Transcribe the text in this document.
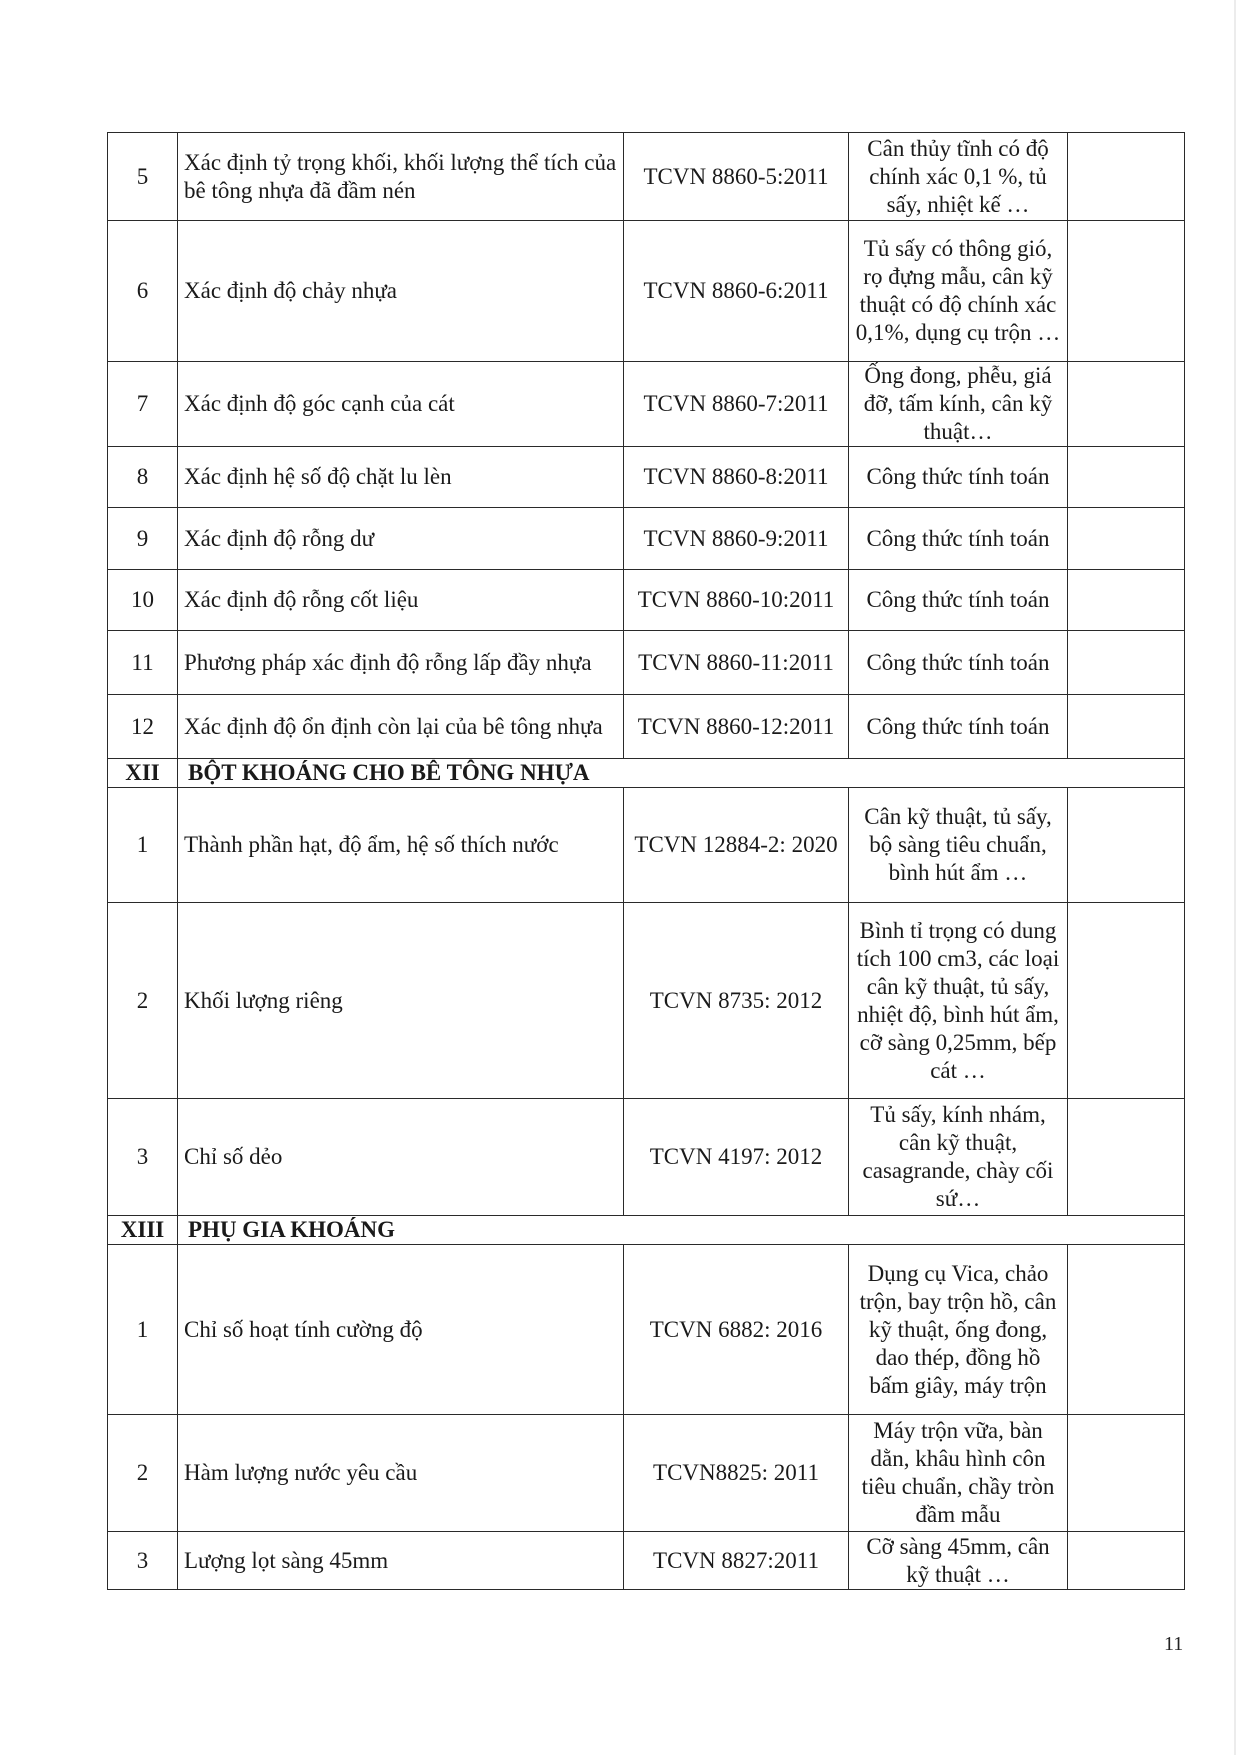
5	Xác định tỷ trọng khối, khối lượng thể tích của bê tông nhựa đã đầm nén	TCVN 8860-5:2011	Cân thủy tĩnh có độ chính xác 0,1 %, tủ sấy, nhiệt kế …	
6	Xác định độ chảy nhựa	TCVN 8860-6:2011	Tủ sấy có thông gió, rọ đựng mẫu, cân kỹ thuật có độ chính xác 0,1%, dụng cụ trộn …	
7	Xác định độ góc cạnh của cát	TCVN 8860-7:2011	Ống đong, phễu, giá đỡ, tấm kính, cân kỹ thuật…	
8	Xác định hệ số độ chặt lu lèn	TCVN 8860-8:2011	Công thức tính toán	
9	Xác định độ rỗng dư	TCVN 8860-9:2011	Công thức tính toán	
10	Xác định độ rỗng cốt liệu	TCVN 8860-10:2011	Công thức tính toán	
11	Phương pháp xác định độ rỗng lấp đầy nhựa	TCVN 8860-11:2011	Công thức tính toán	
12	Xác định độ ổn định còn lại của bê tông nhựa	TCVN 8860-12:2011	Công thức tính toán	
XII	BỘT KHOÁNG CHO BÊ TÔNG NHỰA			
1	Thành phần hạt, độ ẩm, hệ số thích nước	TCVN 12884-2: 2020	Cân kỹ thuật, tủ sấy, bộ sàng tiêu chuẩn, bình hút ẩm …	
2	Khối lượng riêng	TCVN 8735: 2012	Bình tỉ trọng có dung tích 100 cm3, các loại cân kỹ thuật, tủ sấy, nhiệt độ, bình hút ẩm, cỡ sàng 0,25mm, bếp cát …	
3	Chỉ số dẻo	TCVN 4197: 2012	Tủ sấy, kính nhám, cân kỹ thuật, casagrande, chày cối sứ…	
XIII	PHỤ GIA KHOÁNG			
1	Chỉ số hoạt tính cường độ	TCVN 6882: 2016	Dụng cụ Vica, chảo trộn, bay trộn hồ, cân kỹ thuật, ống đong, dao thép, đồng hồ bấm giây, máy trộn	
2	Hàm lượng nước yêu cầu	TCVN8825: 2011	Máy trộn vữa, bàn dằn, khâu hình côn tiêu chuẩn, chầy tròn đầm mẫu	
3	Lượng lọt sàng 45mm	TCVN 8827:2011	Cỡ sàng 45mm, cân kỹ thuật …	
11
